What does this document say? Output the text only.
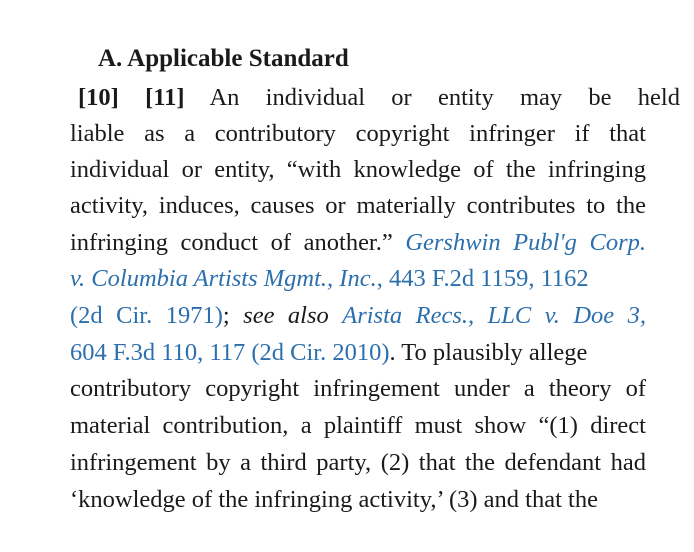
A. Applicable Standard
[10] [11] An individual or entity may be held
liable as a contributory copyright infringer if that
individual or entity, “with knowledge of the infringing
activity, induces, causes or materially contributes to the
infringing conduct of another.” Gershwin Publ'g Corp.
v. Columbia Artists Mgmt., Inc., 443 F.2d 1159, 1162
(2d Cir. 1971); see also Arista Recs., LLC v. Doe 3,
604 F.3d 110, 117 (2d Cir. 2010). To plausibly allege
contributory copyright infringement under a theory of
material contribution, a plaintiff must show “(1) direct
infringement by a third party, (2) that the defendant had
‘knowledge of the infringing activity,’ (3) and that the
